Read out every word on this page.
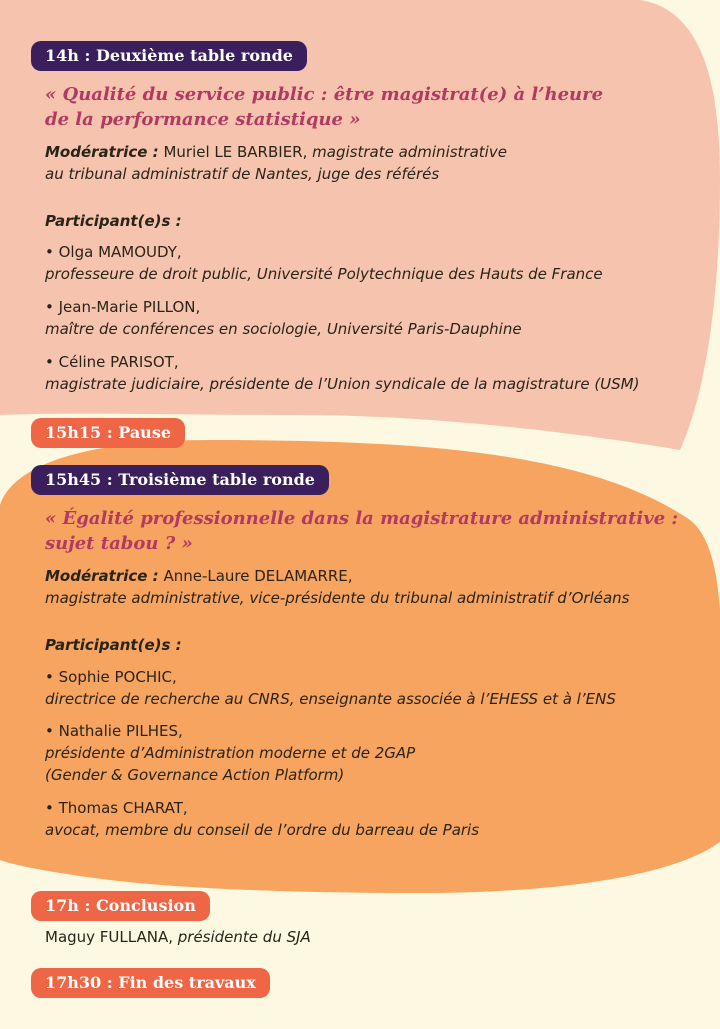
14h : Deuxième table ronde
« Qualité du service public : être magistrat(e) à l’heure
de la performance statistique »
Modératrice : Muriel LE BARBIER, magistrate administrative
au tribunal administratif de Nantes, juge des référés
Participant(e)s :
• Olga MAMOUDY,
professeure de droit public, Université Polytechnique des Hauts de France
• Jean-Marie PILLON,
maître de conférences en sociologie, Université Paris-Dauphine
• Céline PARISOT,
magistrate judiciaire, présidente de l’Union syndicale de la magistrature (USM)
15h15 : Pause
15h45 : Troisième table ronde
« Égalité professionnelle dans la magistrature administrative :
sujet tabou ? »
Modératrice : Anne-Laure DELAMARRE,
magistrate administrative, vice-présidente du tribunal administratif d’Orléans
Participant(e)s :
• Sophie POCHIC,
directrice de recherche au CNRS, enseignante associée à l’EHESS et à l’ENS
• Nathalie PILHES,
présidente d’Administration moderne et de 2GAP
(Gender & Governance Action Platform)
• Thomas CHARAT,
avocat, membre du conseil de l’ordre du barreau de Paris
17h : Conclusion
Maguy FULLANA, présidente du SJA
17h30 : Fin des travaux
